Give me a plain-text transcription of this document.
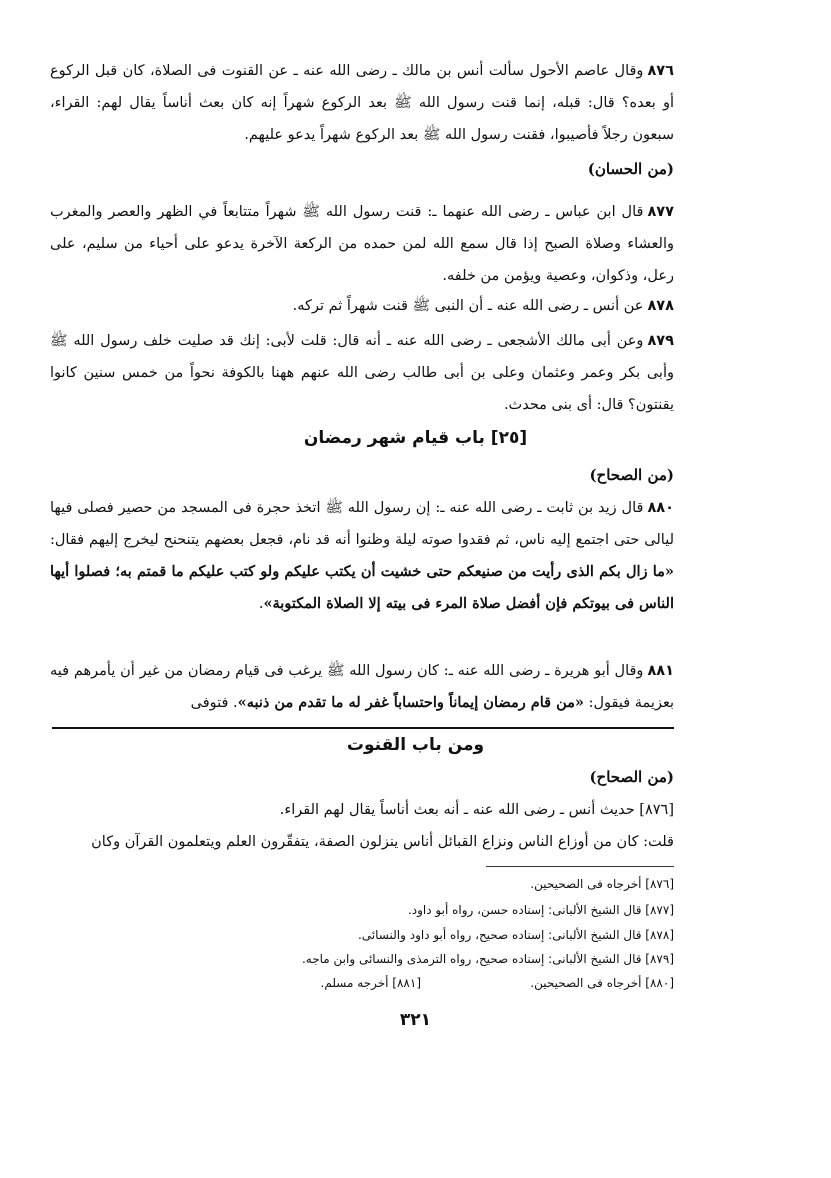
٨٧٦وقال عاصم الأحول سألت أنس بن مالك ـ رضى الله عنه ـ عن القنوت فى الصلاة، كان قبل الركوع أو بعده؟ قال: قبله، إنما قنت رسول الله ﷺ بعد الركوع شهراً إنه كان بعث أناساً يقال لهم: القراء، سبعون رجلاً فأصيبوا، فقنت رسول الله ﷺ بعد الركوع شهراً يدعو عليهم.

(من الحسان)

٨٧٧قال ابن عباس ـ رضى الله عنهما ـ: قنت رسول الله ﷺ شهراً متتابعاً في الظهر والعصر والمغرب والعشاء وصلاة الصبح إذا قال سمع الله لمن حمده من الركعة الآخرة يدعو على أحياء من سليم، على رعل، وذكوان، وعصية ويؤمن من خلفه.

٨٧٨عن أنس ـ رضى الله عنه ـ أن النبى ﷺ قنت شهراً ثم تركه.

٨٧٩وعن أبى مالك الأشجعى ـ رضى الله عنه ـ أنه قال: قلت لأبى: إنك قد صليت خلف رسول الله ﷺ وأبى بكر وعمر وعثمان وعلى بن أبى طالب رضى الله عنهم ههنا بالكوفة نحواً من خمس سنين كانوا يقنتون؟ قال: أى بنى محدث.

[٢٥] باب قيام شهر رمضان
(من الصحاح)

٨٨٠قال زيد بن ثابت ـ رضى الله عنه ـ: إن رسول الله ﷺ اتخذ حجرة فى المسجد من حصير فصلى فيها ليالى حتى اجتمع إليه ناس، ثم فقدوا صوته ليلة وظنوا أنه قد نام، فجعل بعضهم يتنحنح ليخرج إليهم فقال: «ما زال بكم الذى رأيت من صنيعكم حتى خشيت أن يكتب عليكم ولو كتب عليكم ما قمتم به؛ فصلوا أيها الناس فى بيوتكم فإن أفضل صلاة المرء فى بيته إلا الصلاة المكتوبة».

٨٨١وقال أبو هريرة ـ رضى الله عنه ـ: كان رسول الله ﷺ يرغب فى قيام رمضان من غير أن يأمرهم فيه بعزيمة فيقول: «من قام رمضان إيماناً واحتساباً غفر له ما تقدم من ذنبه». فتوفى

ومن باب القنوت
(من الصحاح)

[٨٧٦] حديث أنس ـ رضى الله عنه ـ أنه بعث أناساً يقال لهم القراء.

قلت: كان من أوزاع الناس ونزاع القبائل أناس ينزلون الصفة، يتفقّرون العلم ويتعلمون القرآن وكان

[٨٧٦] أخرجاه فى الصحيحين.
[٨٧٧] قال الشيخ الألبانى: إسناده حسن، رواه أبو داود.
[٨٧٨] قال الشيخ الألبانى: إسناده صحيح، رواه أبو داود والنسائى.
[٨٧٩] قال الشيخ الألبانى: إسناده صحيح، رواه الترمذى والنسائى وابن ماجه.
[٨٨٠] أخرجاه فى الصحيحين.
[٨٨١] أخرجه مسلم.
٣٢١
